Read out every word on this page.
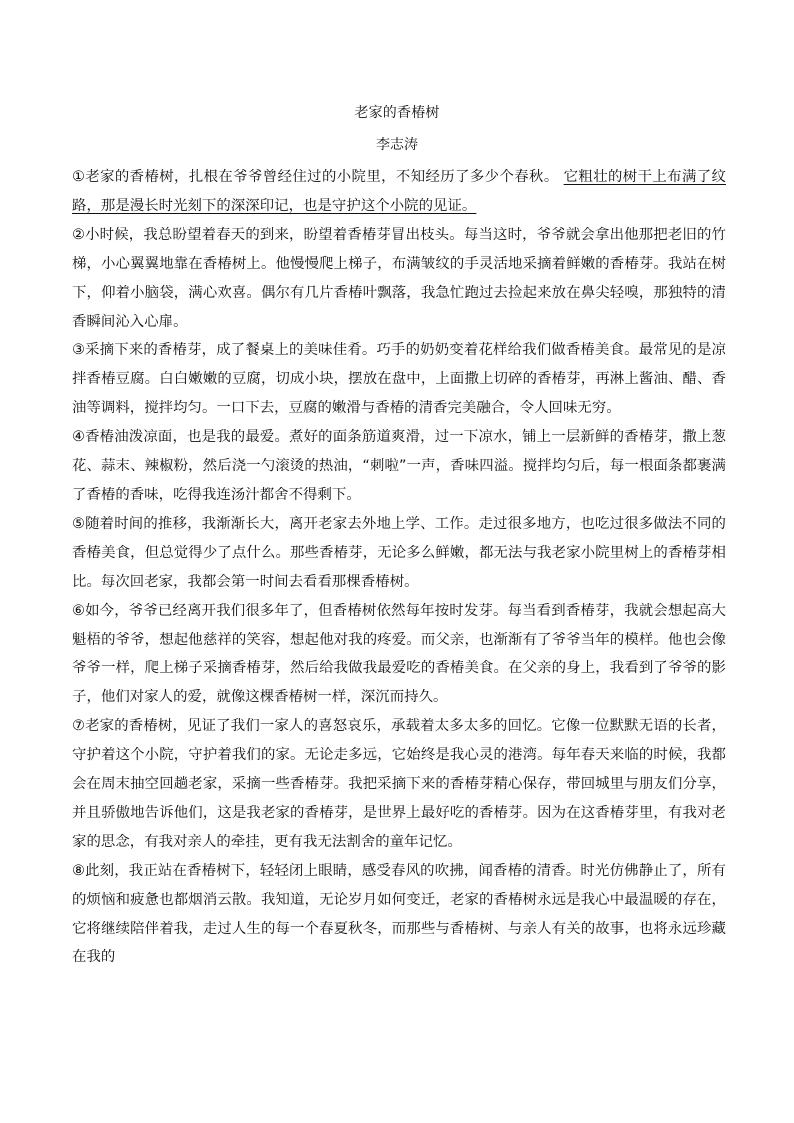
老家的香椿树
李志涛

①老家的香椿树，扎根在爷爷曾经住过的小院里，不知经历了多少个春秋。 它粗壮的树干上布满了纹路，那是漫长时光刻下的深深印记，也是守护这个小院的见证。

②小时候，我总盼望着春天的到来，盼望着香椿芽冒出枝头。每当这时，爷爷就会拿出他那把老旧的竹梯，小心翼翼地靠在香椿树上。他慢慢爬上梯子，布满皱纹的手灵活地采摘着鲜嫩的香椿芽。我站在树下，仰着小脑袋，满心欢喜。偶尔有几片香椿叶飘落，我急忙跑过去捡起来放在鼻尖轻嗅，那独特的清香瞬间沁入心扉。

③采摘下来的香椿芽，成了餐桌上的美味佳肴。巧手的奶奶变着花样给我们做香椿美食。最常见的是凉拌香椿豆腐。白白嫩嫩的豆腐，切成小块，摆放在盘中，上面撒上切碎的香椿芽，再淋上酱油、醋、香油等调料，搅拌均匀。一口下去，豆腐的嫩滑与香椿的清香完美融合，令人回味无穷。

④香椿油泼凉面，也是我的最爱。煮好的面条筋道爽滑，过一下凉水，铺上一层新鲜的香椿芽，撒上葱花、蒜末、辣椒粉，然后浇一勺滚烫的热油，“刺啦”一声，香味四溢。搅拌均匀后，每一根面条都裹满了香椿的香味，吃得我连汤汁都舍不得剩下。

⑤随着时间的推移，我渐渐长大，离开老家去外地上学、工作。走过很多地方，也吃过很多做法不同的香椿美食，但总觉得少了点什么。那些香椿芽，无论多么鲜嫩，都无法与我老家小院里树上的香椿芽相比。每次回老家，我都会第一时间去看看那棵香椿树。

⑥如今，爷爷已经离开我们很多年了，但香椿树依然每年按时发芽。每当看到香椿芽，我就会想起高大魁梧的爷爷，想起他慈祥的笑容，想起他对我的疼爱。而父亲，也渐渐有了爷爷当年的模样。他也会像爷爷一样，爬上梯子采摘香椿芽，然后给我做我最爱吃的香椿美食。在父亲的身上，我看到了爷爷的影子，他们对家人的爱，就像这棵香椿树一样，深沉而持久。

⑦老家的香椿树，见证了我们一家人的喜怒哀乐，承载着太多太多的回忆。它像一位默默无语的长者，守护着这个小院，守护着我们的家。无论走多远，它始终是我心灵的港湾。每年春天来临的时候，我都会在周末抽空回趟老家，采摘一些香椿芽。我把采摘下来的香椿芽精心保存，带回城里与朋友们分享，并且骄傲地告诉他们，这是我老家的香椿芽，是世界上最好吃的香椿芽。因为在这香椿芽里，有我对老家的思念，有我对亲人的牵挂，更有我无法割舍的童年记忆。

⑧此刻，我正站在香椿树下，轻轻闭上眼睛，感受春风的吹拂，闻香椿的清香。时光仿佛静止了，所有的烦恼和疲惫也都烟消云散。我知道，无论岁月如何变迁，老家的香椿树永远是我心中最温暖的存在，它将继续陪伴着我，走过人生的每一个春夏秋冬，而那些与香椿树、与亲人有关的故事，也将永远珍藏在我的
